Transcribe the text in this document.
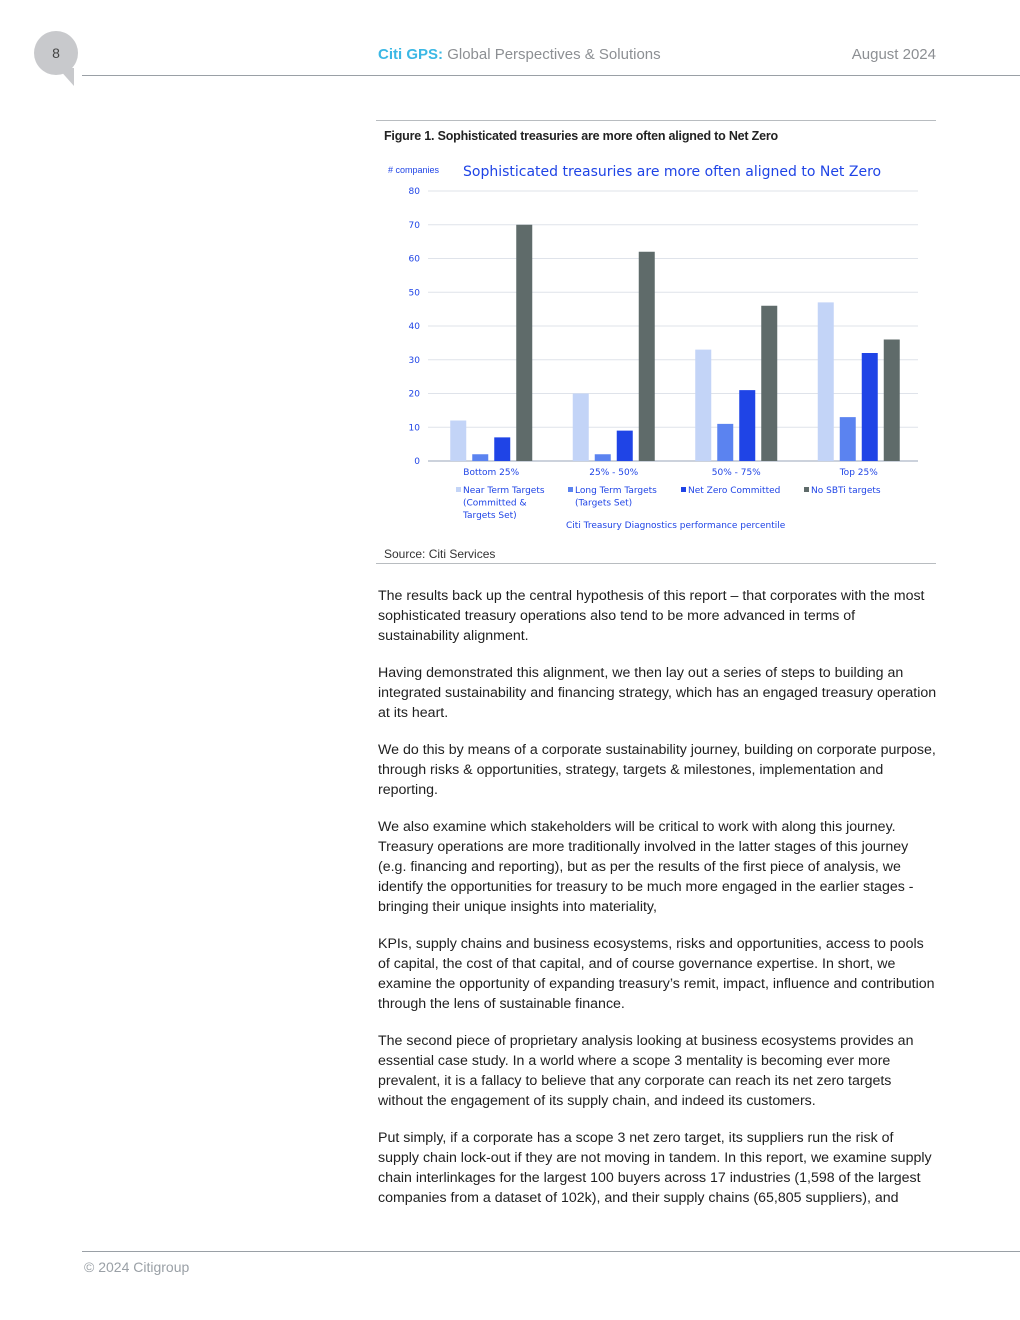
8	Citi GPS: Global Perspectives & Solutions	August 2024
Figure 1. Sophisticated treasuries are more often aligned to Net Zero
# companies Sophisticated treasuries are more often aligned to Net Zero
0
10
20
30
40
50
60
70
80
Bottom 25%	25% - 50%	50% - 75%	Top 25%
Near Term Targets
(Committed &
Targets Set)
Long Term Targets
(Targets Set)
Net Zero Committed	No SBTi targets
Citi Treasury Diagnostics performance percentile
Source: Citi Services

The results back up the central hypothesis of this report – that corporates with the most sophisticated treasury operations also tend to be more advanced in terms of sustainability alignment.

Having demonstrated this alignment, we then lay out a series of steps to building an integrated sustainability and financing strategy, which has an engaged treasury operation at its heart.

We do this by means of a corporate sustainability journey, building on corporate purpose, through risks & opportunities, strategy, targets & milestones, implementation and reporting.

We also examine which stakeholders will be critical to work with along this journey. Treasury operations are more traditionally involved in the latter stages of this journey (e.g. financing and reporting), but as per the results of the first piece of analysis, we identify the opportunities for treasury to be much more engaged in the earlier stages - bringing their unique insights into materiality,

KPIs, supply chains and business ecosystems, risks and opportunities, access to pools of capital, the cost of that capital, and of course governance expertise. In short, we examine the opportunity of expanding treasury’s remit, impact, influence and contribution through the lens of sustainable finance.

The second piece of proprietary analysis looking at business ecosystems provides an essential case study. In a world where a scope 3 mentality is becoming ever more prevalent, it is a fallacy to believe that any corporate can reach its net zero targets without the engagement of its supply chain, and indeed its customers.

Put simply, if a corporate has a scope 3 net zero target, its suppliers run the risk of supply chain lock-out if they are not moving in tandem. In this report, we examine supply chain interlinkages for the largest 100 buyers across 17 industries (1,598 of the largest companies from a dataset of 102k), and their supply chains (65,805 suppliers), and

© 2024 Citigroup
